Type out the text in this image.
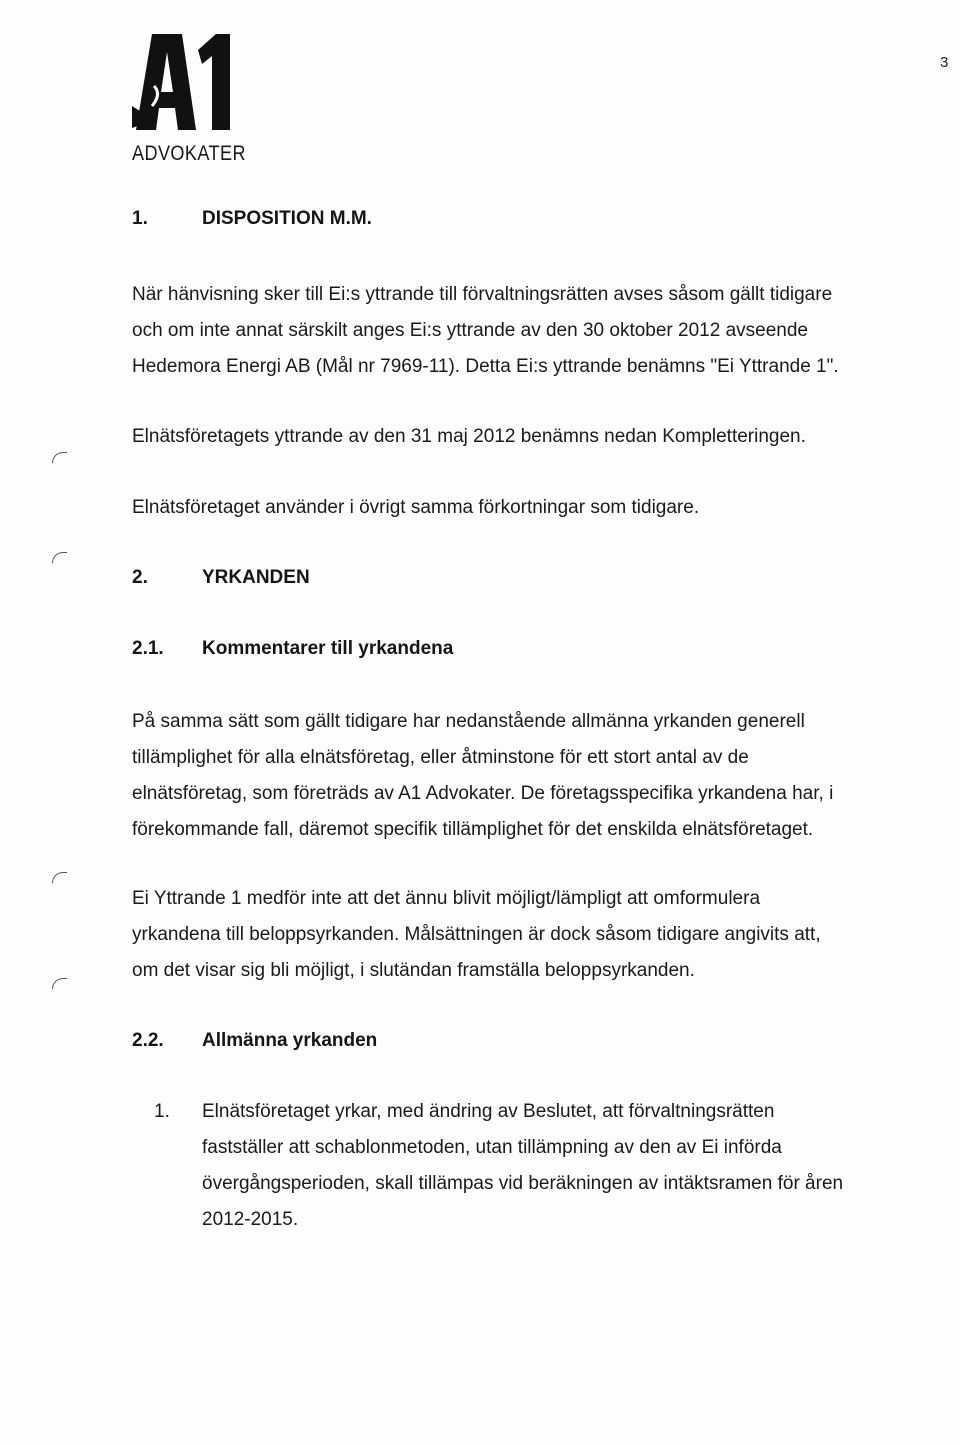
ADVOKATER
3
1.	DISPOSITION M.M.

När hänvisning sker till Ei:s yttrande till förvaltningsrätten avses såsom gällt tidigare

och om inte annat särskilt anges Ei:s yttrande av den 30 oktober 2012 avseende

Hedemora Energi AB (Mål nr 7969-11). Detta Ei:s yttrande benämns "Ei Yttrande 1".

Elnätsföretagets yttrande av den 31 maj 2012 benämns nedan Kompletteringen.

Elnätsföretaget använder i övrigt samma förkortningar som tidigare.

2.	YRKANDEN
2.1. Kommentarer till yrkandena

På samma sätt som gällt tidigare har nedanstående allmänna yrkanden generell

tillämplighet för alla elnätsföretag, eller åtminstone för ett stort antal av de

elnätsföretag, som företräds av A1 Advokater. De företagsspecifika yrkandena har, i

förekommande fall, däremot specifik tillämplighet för det enskilda elnätsföretaget.

Ei Yttrande 1 medför inte att det ännu blivit möjligt/lämpligt att omformulera

yrkandena till beloppsyrkanden. Målsättningen är dock såsom tidigare angivits att,

om det visar sig bli möjligt, i slutändan framställa beloppsyrkanden.

2.2. Allmänna yrkanden
1. Elnätsföretaget yrkar, med ändring av Beslutet, att förvaltningsrätten

fastställer att schablonmetoden, utan tillämpning av den av Ei införda

övergångsperioden, skall tillämpas vid beräkningen av intäktsramen för åren

2012-2015.
